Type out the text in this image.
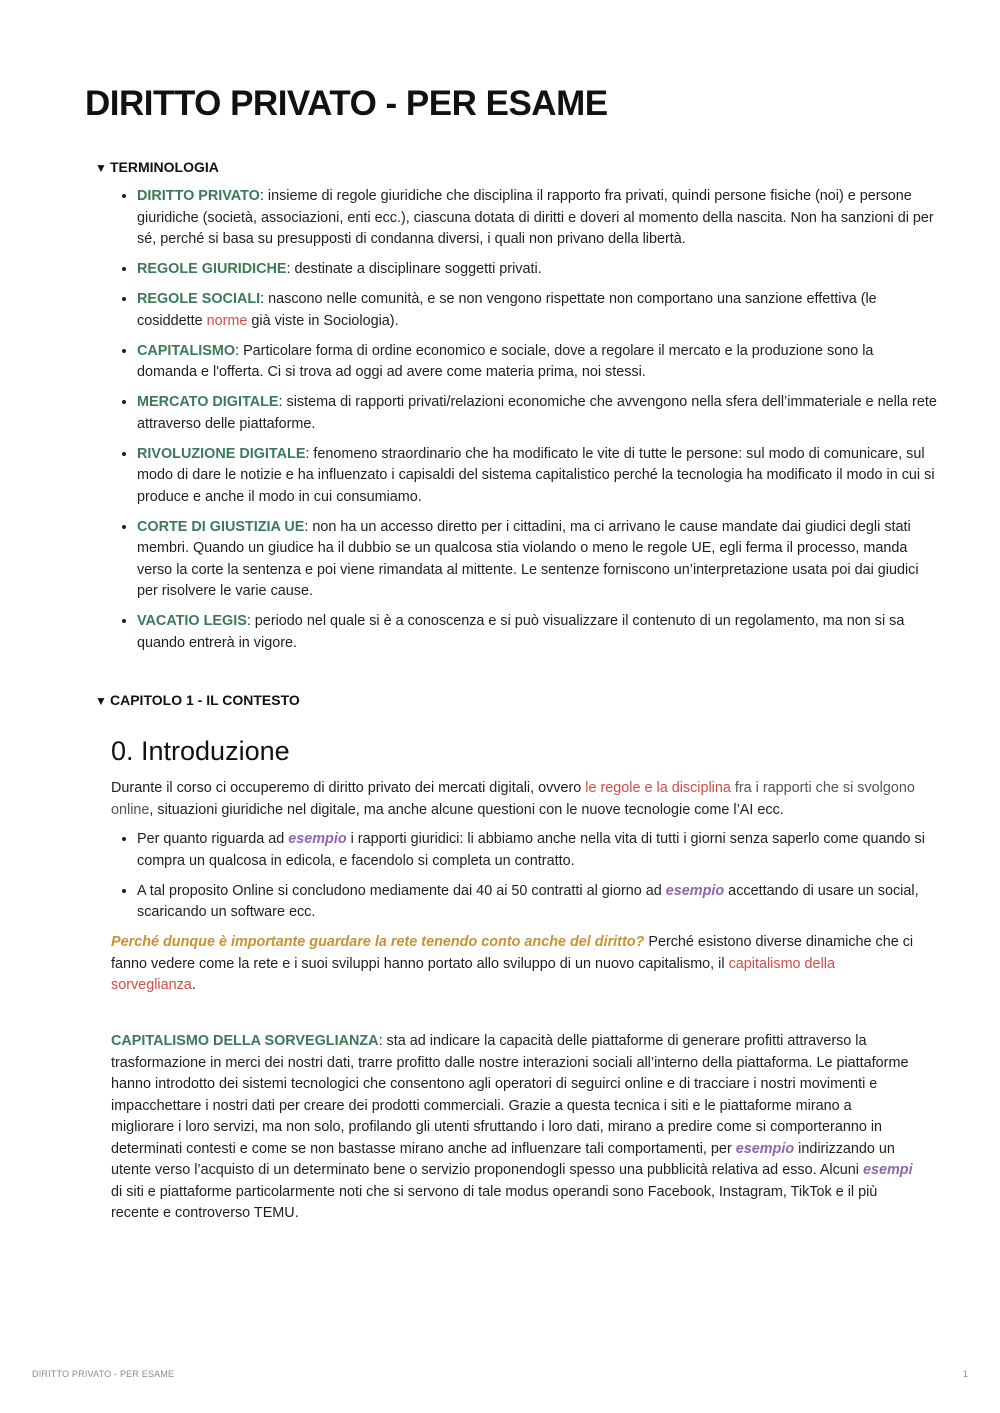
DIRITTO PRIVATO - PER ESAME
▼ TERMINOLOGIA
• DIRITTO PRIVATO: insieme di regole giuridiche che disciplina il rapporto fra privati, quindi persone fisiche (noi) e persone giuridiche (società, associazioni, enti ecc.), ciascuna dotata di diritti e doveri al momento della nascita. Non ha sanzioni di per sé, perché si basa su presupposti di condanna diversi, i quali non privano della libertà.
• REGOLE GIURIDICHE: destinate a disciplinare soggetti privati.
• REGOLE SOCIALI: nascono nelle comunità, e se non vengono rispettate non comportano una sanzione effettiva (le cosiddette norme già viste in Sociologia).
• CAPITALISMO: Particolare forma di ordine economico e sociale, dove a regolare il mercato e la produzione sono la domanda e l'offerta. Ci si trova ad oggi ad avere come materia prima, noi stessi.
• MERCATO DIGITALE: sistema di rapporti privati/relazioni economiche che avvengono nella sfera dell’immateriale e nella rete attraverso delle piattaforme.
• RIVOLUZIONE DIGITALE: fenomeno straordinario che ha modificato le vite di tutte le persone: sul modo di comunicare, sul modo di dare le notizie e ha influenzato i capisaldi del sistema capitalistico perché la tecnologia ha modificato il modo in cui si produce e anche il modo in cui consumiamo.
• CORTE DI GIUSTIZIA UE: non ha un accesso diretto per i cittadini, ma ci arrivano le cause mandate dai giudici degli stati membri. Quando un giudice ha il dubbio se un qualcosa stia violando o meno le regole UE, egli ferma il processo, manda verso la corte la sentenza e poi viene rimandata al mittente. Le sentenze forniscono un’interpretazione usata poi dai giudici per risolvere le varie cause.
• VACATIO LEGIS: periodo nel quale si è a conoscenza e si può visualizzare il contenuto di un regolamento, ma non si sa quando entrerà in vigore.
▼ CAPITOLO 1 - IL CONTESTO
0. Introduzione

Durante il corso ci occuperemo di diritto privato dei mercati digitali, ovvero le regole e la disciplina fra i rapporti che si svolgono online, situazioni giuridiche nel digitale, ma anche alcune questioni con le nuove tecnologie come l’AI ecc.

• Per quanto riguarda ad esempio i rapporti giuridici: li abbiamo anche nella vita di tutti i giorni senza saperlo come quando si compra un qualcosa in edicola, e facendolo si completa un contratto.
• A tal proposito Online si concludono mediamente dai 40 ai 50 contratti al giorno ad esempio accettando di usare un social, scaricando un software ecc.

Perché dunque è importante guardare la rete tenendo conto anche del diritto? Perché esistono diverse dinamiche che ci fanno vedere come la rete e i suoi sviluppi hanno portato allo sviluppo di un nuovo capitalismo, il capitalismo della sorveglianza.

CAPITALISMO DELLA SORVEGLIANZA: sta ad indicare la capacità delle piattaforme di generare profitti attraverso la trasformazione in merci dei nostri dati, trarre profitto dalle nostre interazioni sociali all’interno della piattaforma. Le piattaforme hanno introdotto dei sistemi tecnologici che consentono agli operatori di seguirci online e di tracciare i nostri movimenti e impacchettare i nostri dati per creare dei prodotti commerciali. Grazie a questa tecnica i siti e le piattaforme mirano a migliorare i loro servizi, ma non solo, profilando gli utenti sfruttando i loro dati, mirano a predire come si comporteranno in determinati contesti e come se non bastasse mirano anche ad influenzare tali comportamenti, per esempio indirizzando un utente verso l’acquisto di un determinato bene o servizio proponendogli spesso una pubblicità relativa ad esso. Alcuni esempi di siti e piattaforme particolarmente noti che si servono di tale modus operandi sono Facebook, Instagram, TikTok e il più recente e controverso TEMU.

DIRITTO PRIVATO - PER ESAME	1
